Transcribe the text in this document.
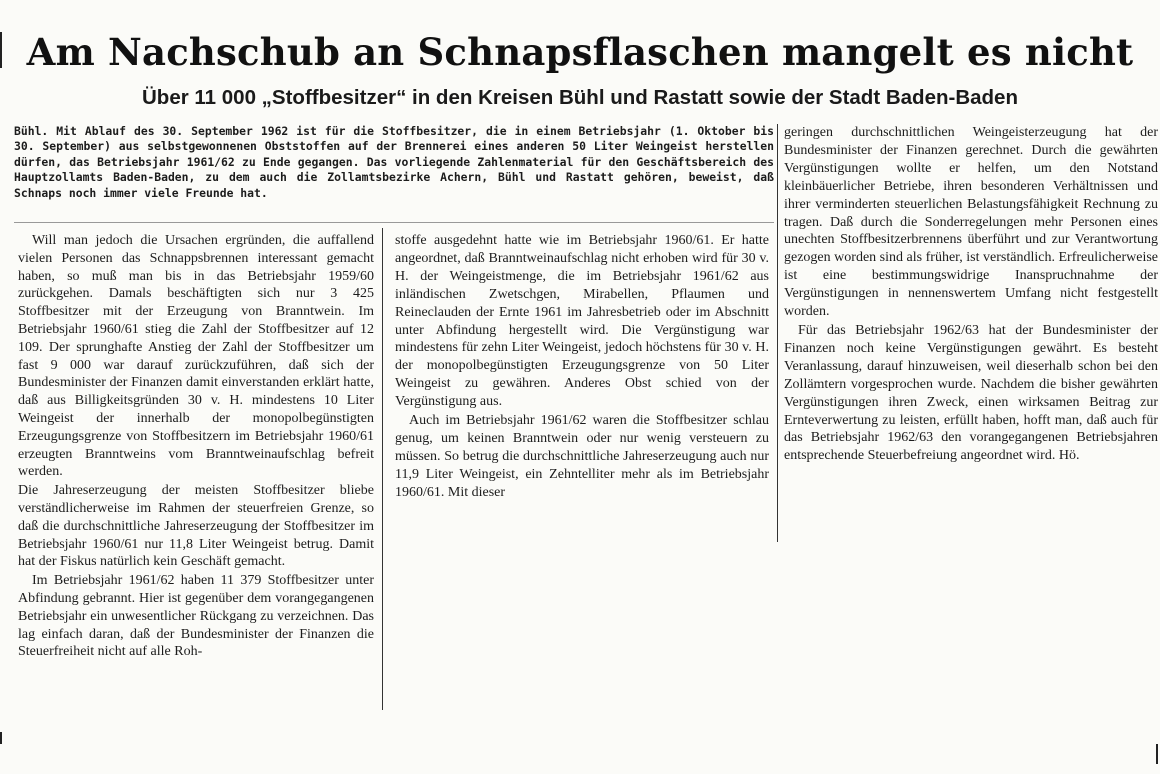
Am Nachschub an Schnapsflaschen mangelt es nicht
Über 11 000 „Stoffbesitzer“ in den Kreisen Bühl und Rastatt sowie der Stadt Baden-Baden
Bühl. Mit Ablauf des 30. September 1962 ist für die Stoffbesitzer, die in einem Betriebsjahr (1. Oktober bis 30. September) aus selbstgewonnenen Obststoffen auf der Brennerei eines anderen 50 Liter Weingeist herstellen dürfen, das Betriebsjahr 1961/62 zu Ende gegangen. Das vorliegende Zahlenmaterial für den Geschäftsbereich des Hauptzollamts Baden-Baden, zu dem auch die Zollamtsbezirke Achern, Bühl und Rastatt gehören, beweist, daß Schnaps noch immer viele Freunde hat.

Will man jedoch die Ursachen ergründen, die auffallend vielen Personen das Schnappsbrennen interessant gemacht haben, so muß man bis in das Betriebsjahr 1959/60 zurückgehen. Damals beschäftigten sich nur 3 425 Stoffbesitzer mit der Erzeugung von Branntwein. Im Betriebsjahr 1960/61 stieg die Zahl der Stoffbesitzer auf 12 109. Der sprunghafte Anstieg der Zahl der Stoffbesitzer um fast 9 000 war darauf zurückzuführen, daß sich der Bundesminister der Finanzen damit einverstanden erklärt hatte, daß aus Billigkeitsgründen 30 v. H. mindestens 10 Liter Weingeist der innerhalb der monopolbegünstigten Erzeugungsgrenze von Stoffbesitzern im Betriebsjahr 1960/61 erzeugten Branntweins vom Branntweinaufschlag befreit werden.

Die Jahreserzeugung der meisten Stoffbesitzer bliebe verständlicherweise im Rahmen der steuerfreien Grenze, so daß die durchschnittliche Jahreserzeugung der Stoffbesitzer im Betriebsjahr 1960/61 nur 11,8 Liter Weingeist betrug. Damit hat der Fiskus natürlich kein Geschäft gemacht.

Im Betriebsjahr 1961/62 haben 11 379 Stoffbesitzer unter Abfindung gebrannt. Hier ist gegenüber dem vorangegangenen Betriebsjahr ein unwesentlicher Rückgang zu verzeichnen. Das lag einfach daran, daß der Bundesminister der Finanzen die Steuerfreiheit nicht auf alle Roh-

stoffe ausgedehnt hatte wie im Betriebsjahr 1960/61. Er hatte angeordnet, daß Branntweinaufschlag nicht erhoben wird für 30 v. H. der Weingeistmenge, die im Betriebsjahr 1961/62 aus inländischen Zwetschgen, Mirabellen, Pflaumen und Reineclauden der Ernte 1961 im Jahresbetrieb oder im Abschnitt unter Abfindung hergestellt wird. Die Vergünstigung war mindestens für zehn Liter Weingeist, jedoch höchstens für 30 v. H. der monopolbegünstigten Erzeugungsgrenze von 50 Liter Weingeist zu gewähren. Anderes Obst schied von der Vergünstigung aus.

Auch im Betriebsjahr 1961/62 waren die Stoffbesitzer schlau genug, um keinen Branntwein oder nur wenig versteuern zu müssen. So betrug die durchschnittliche Jahreserzeugung auch nur 11,9 Liter Weingeist, ein Zehntelliter mehr als im Betriebsjahr 1960/61. Mit dieser

geringen durchschnittlichen Weingeisterzeugung hat der Bundesminister der Finanzen gerechnet. Durch die gewährten Vergünstigungen wollte er helfen, um den Notstand kleinbäuerlicher Betriebe, ihren besonderen Verhältnissen und ihrer verminderten steuerlichen Belastungsfähigkeit Rechnung zu tragen. Daß durch die Sonderregelungen mehr Personen eines unechten Stoffbesitzerbrennens überführt und zur Verantwortung gezogen worden sind als früher, ist verständlich. Erfreulicherweise ist eine bestimmungswidrige Inanspruchnahme der Vergünstigungen in nennenswertem Umfang nicht festgestellt worden.

Für das Betriebsjahr 1962/63 hat der Bundesminister der Finanzen noch keine Vergünstigungen gewährt. Es besteht Veranlassung, darauf hinzuweisen, weil dieserhalb schon bei den Zollämtern vorgesprochen wurde. Nachdem die bisher gewährten Vergünstigungen ihren Zweck, einen wirksamen Beitrag zur Ernteverwertung zu leisten, erfüllt haben, hofft man, daß auch für das Betriebsjahr 1962/63 den vorangegangenen Betriebsjahren entsprechende Steuerbefreiung angeordnet wird. Hö.
